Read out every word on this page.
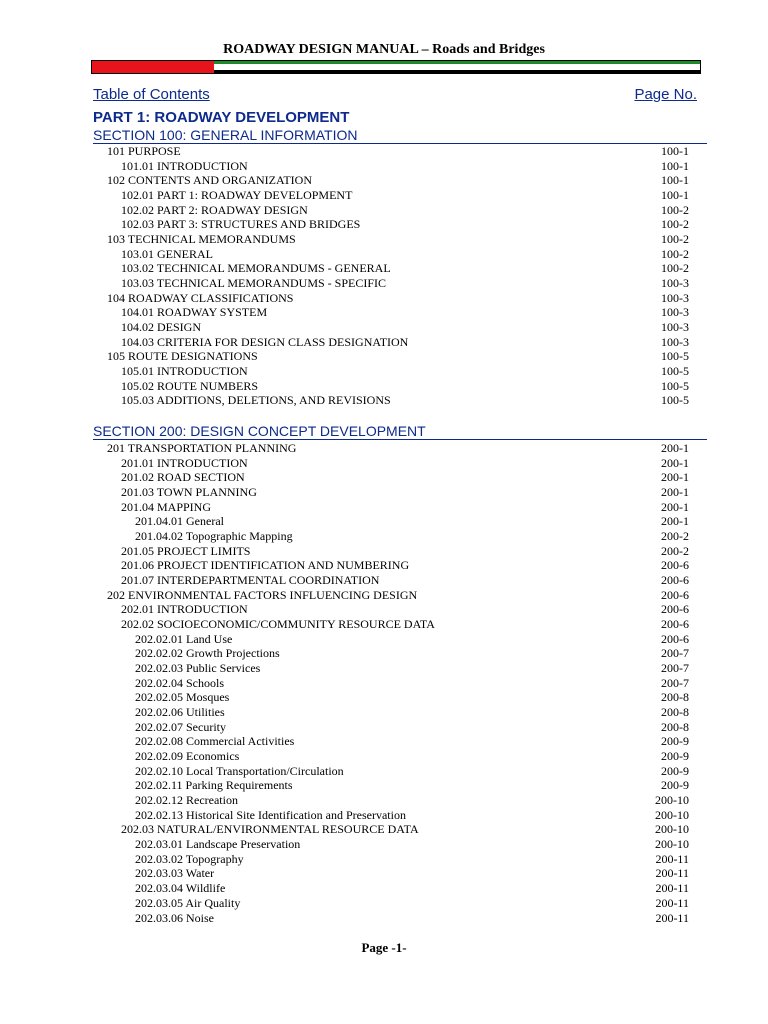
ROADWAY DESIGN MANUAL – Roads and Bridges
Table of Contents	Page No.
PART 1: ROADWAY DEVELOPMENT
SECTION 100: GENERAL INFORMATION
101 PURPOSE	100-1
101.01 INTRODUCTION	100-1
102 CONTENTS AND ORGANIZATION	100-1
102.01 PART 1: ROADWAY DEVELOPMENT	100-1
102.02 PART 2: ROADWAY DESIGN	100-2
102.03 PART 3: STRUCTURES AND BRIDGES	100-2
103 TECHNICAL MEMORANDUMS	100-2
103.01 GENERAL	100-2
103.02 TECHNICAL MEMORANDUMS - GENERAL	100-2
103.03 TECHNICAL MEMORANDUMS - SPECIFIC	100-3
104 ROADWAY CLASSIFICATIONS	100-3
104.01 ROADWAY SYSTEM	100-3
104.02 DESIGN	100-3
104.03 CRITERIA FOR DESIGN CLASS DESIGNATION	100-3
105 ROUTE DESIGNATIONS	100-5
105.01 INTRODUCTION	100-5
105.02 ROUTE NUMBERS	100-5
105.03 ADDITIONS, DELETIONS, AND REVISIONS	100-5
SECTION 200: DESIGN CONCEPT DEVELOPMENT
201 TRANSPORTATION PLANNING	200-1
201.01 INTRODUCTION	200-1
201.02 ROAD SECTION	200-1
201.03 TOWN PLANNING	200-1
201.04 MAPPING	200-1
201.04.01 General	200-1
201.04.02 Topographic Mapping	200-2
201.05 PROJECT LIMITS	200-2
201.06 PROJECT IDENTIFICATION AND NUMBERING	200-6
201.07 INTERDEPARTMENTAL COORDINATION	200-6
202 ENVIRONMENTAL FACTORS INFLUENCING DESIGN	200-6
202.01 INTRODUCTION	200-6
202.02 SOCIOECONOMIC/COMMUNITY RESOURCE DATA	200-6
202.02.01 Land Use	200-6
202.02.02 Growth Projections	200-7
202.02.03 Public Services	200-7
202.02.04 Schools	200-7
202.02.05 Mosques	200-8
202.02.06 Utilities	200-8
202.02.07 Security	200-8
202.02.08 Commercial Activities	200-9
202.02.09 Economics	200-9
202.02.10 Local Transportation/Circulation	200-9
202.02.11 Parking Requirements	200-9
202.02.12 Recreation	200-10
202.02.13 Historical Site Identification and Preservation	200-10
202.03 NATURAL/ENVIRONMENTAL RESOURCE DATA	200-10
202.03.01 Landscape Preservation	200-10
202.03.02 Topography	200-11
202.03.03 Water	200-11
202.03.04 Wildlife	200-11
202.03.05 Air Quality	200-11
202.03.06 Noise	200-11
Page -1-
